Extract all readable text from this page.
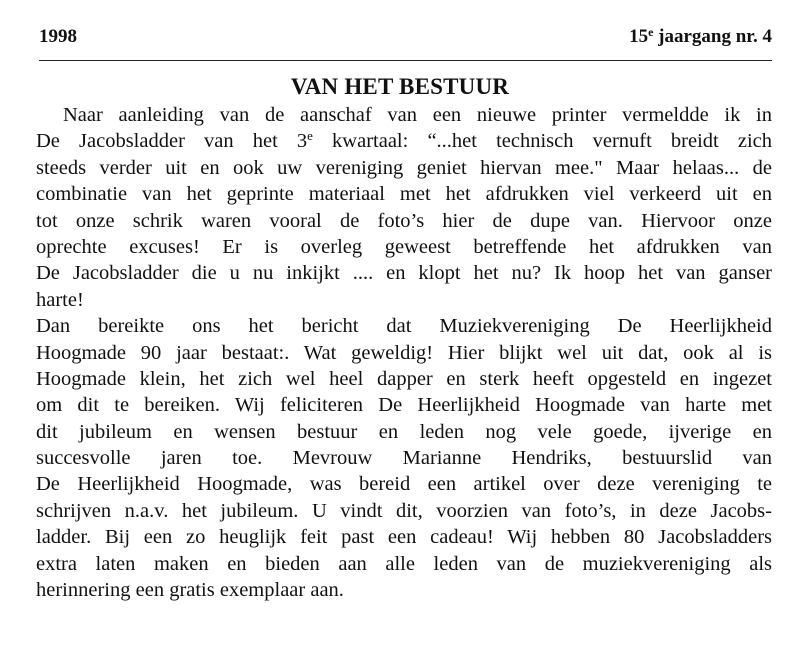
1998	15e jaargang nr. 4
VAN HET BESTUUR
Naar aanleiding van de aanschaf van een nieuwe printer vermeldde ik in
De Jacobsladder van het 3e kwartaal: “...het technisch vernuft breidt zich
steeds verder uit en ook uw vereniging geniet hiervan mee." Maar helaas... de
combinatie van het geprinte materiaal met het afdrukken viel verkeerd uit en
tot onze schrik waren vooral de foto’s hier de dupe van. Hiervoor onze
oprechte excuses! Er is overleg geweest betreffende het afdrukken van
De Jacobsladder die u nu inkijkt .... en klopt het nu? Ik hoop het van ganser
harte!
Dan bereikte ons het bericht dat Muziekvereniging De Heerlijkheid
Hoogmade 90 jaar bestaat:. Wat geweldig! Hier blijkt wel uit dat, ook al is
Hoogmade klein, het zich wel heel dapper en sterk heeft opgesteld en ingezet
om dit te bereiken. Wij feliciteren De Heerlijkheid Hoogmade van harte met
dit jubileum en wensen bestuur en leden nog vele goede, ijverige en
succesvolle jaren toe. Mevrouw Marianne Hendriks, bestuurslid van
De Heerlijkheid Hoogmade, was bereid een artikel over deze vereniging te
schrijven n.a.v. het jubileum. U vindt dit, voorzien van foto’s, in deze Jacobs-
ladder. Bij een zo heuglijk feit past een cadeau! Wij hebben 80 Jacobsladders
extra laten maken en bieden aan alle leden van de muziekvereniging als
herinnering een gratis exemplaar aan.
